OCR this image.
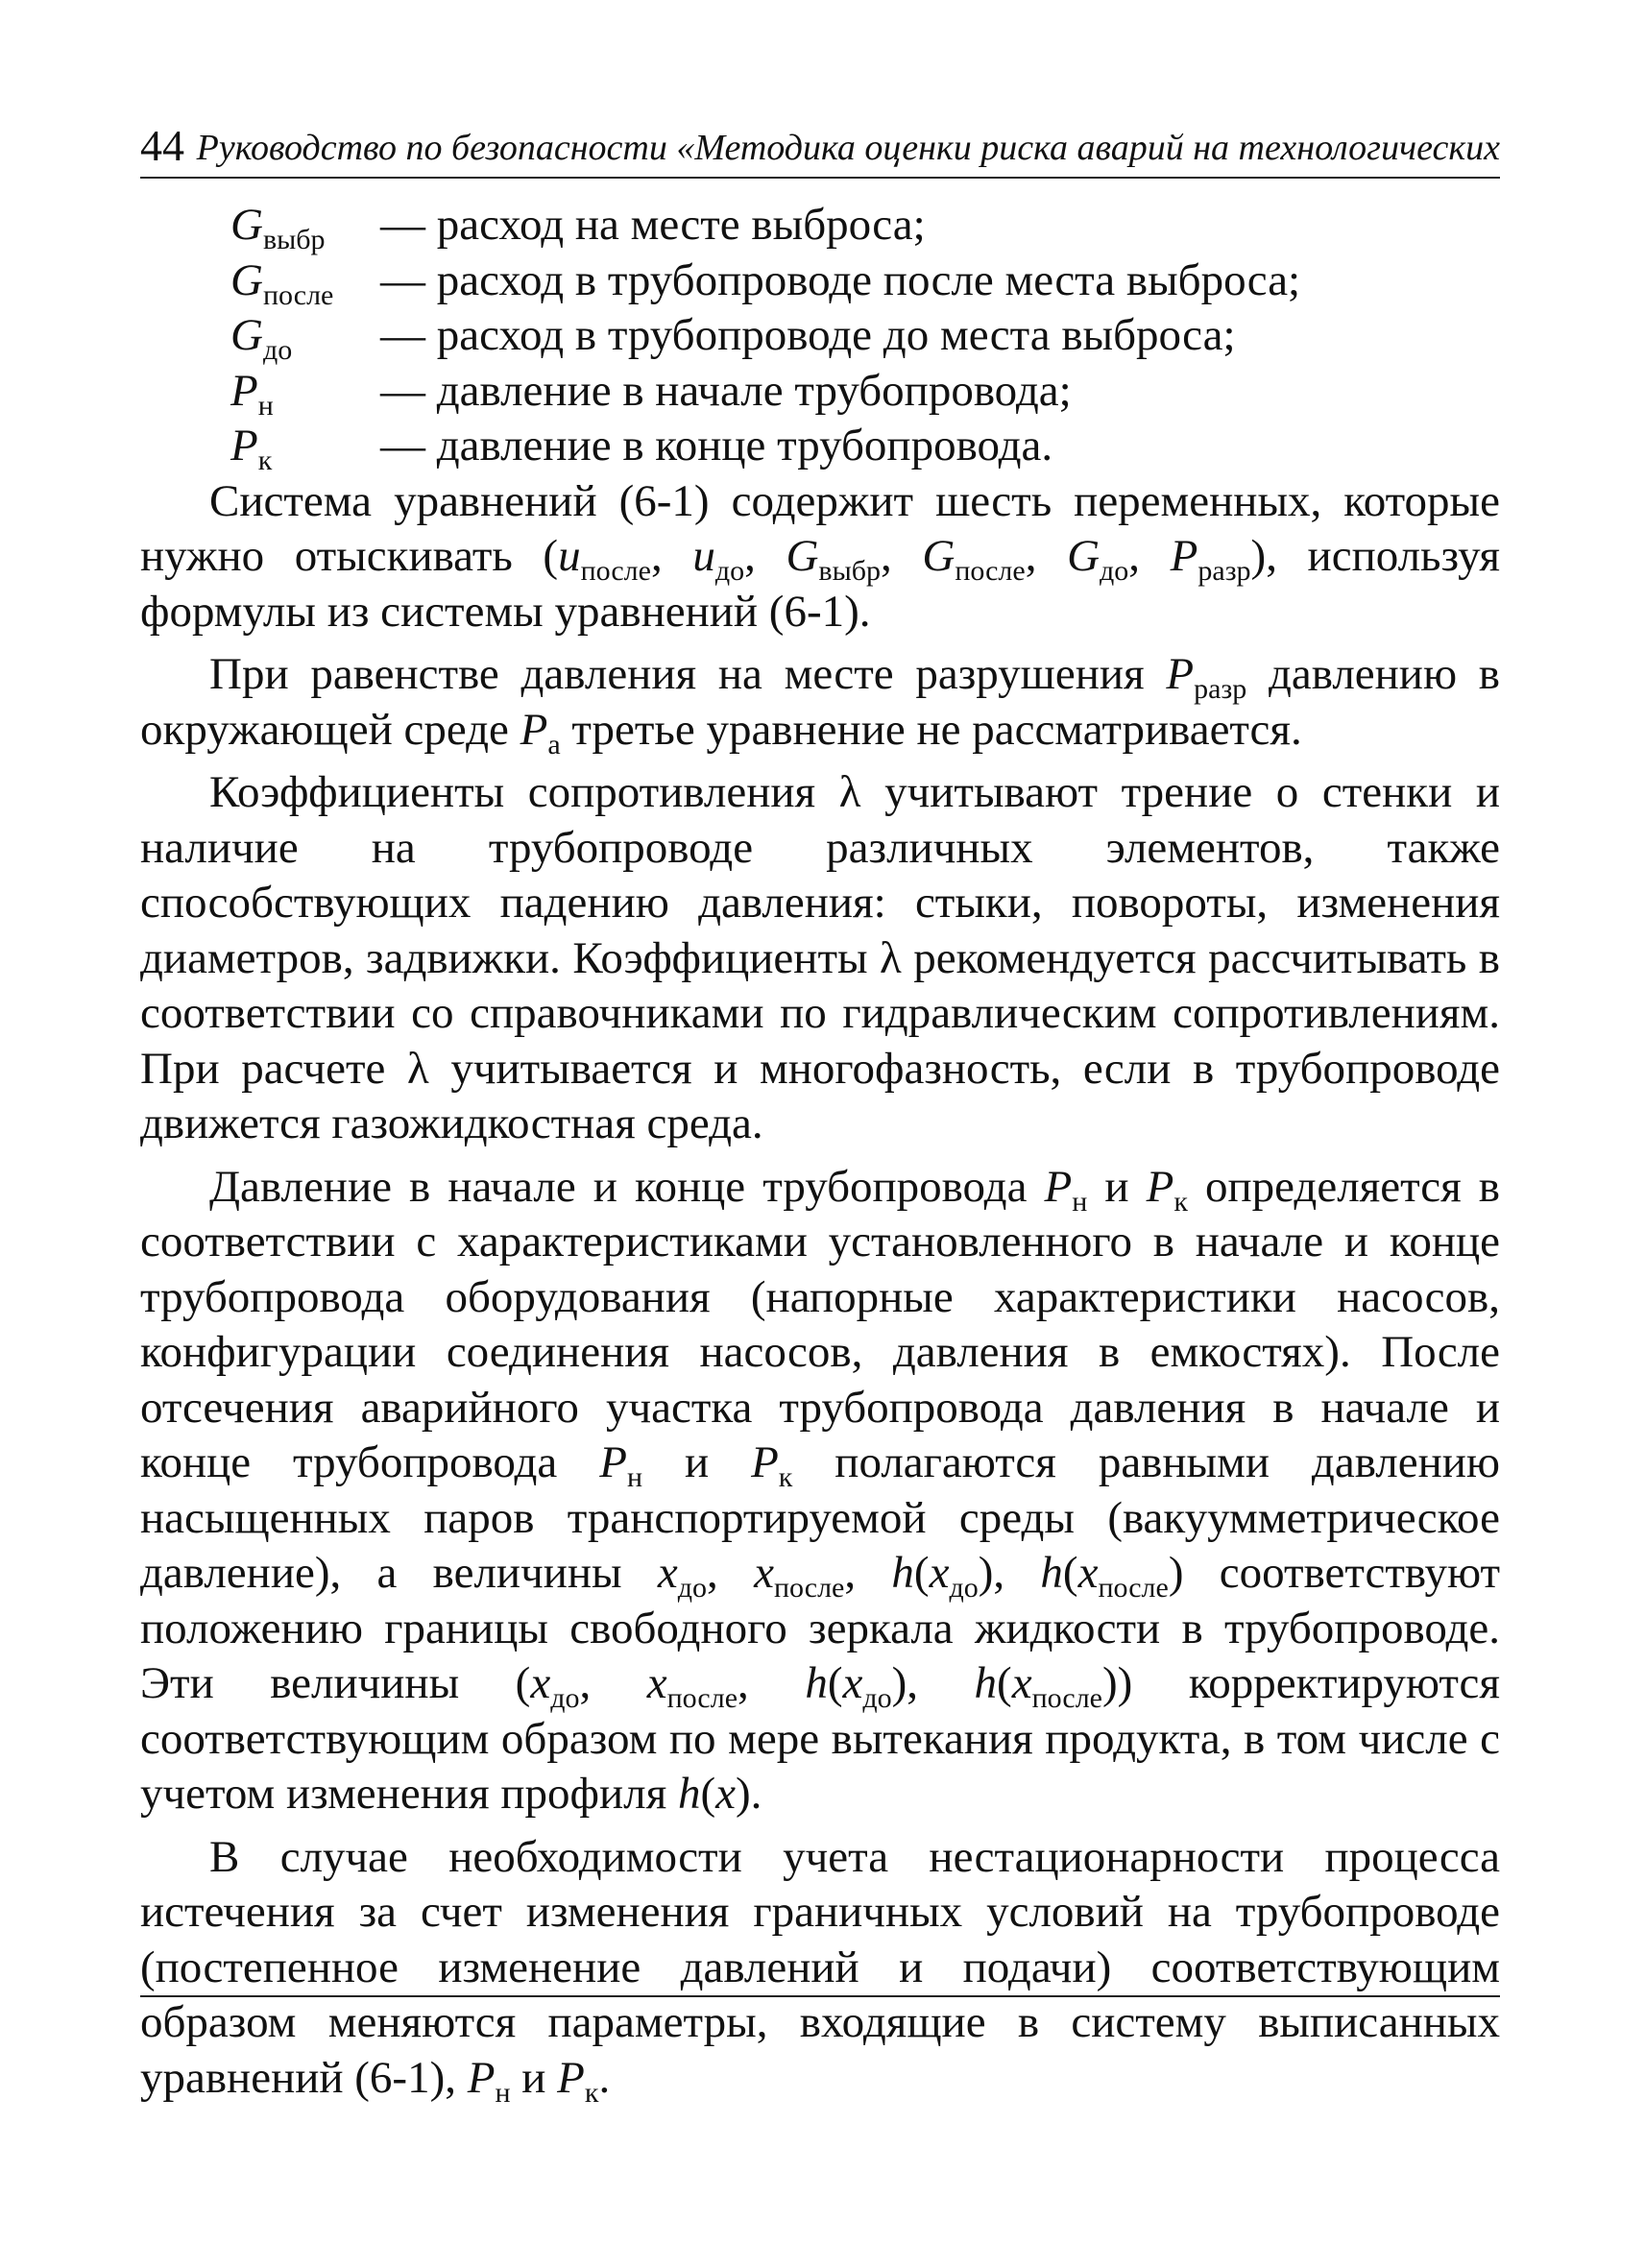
44 Руководство по безопасности «Методика оценки риска аварий на технологических
$G_{выбр}$	— расход на месте выброса;
$G_{после}$	— расход в трубопроводе после места выброса;
$G_{до}$	— расход в трубопроводе до места выброса;
$P_н$	— давление в начале трубопровода;
$P_к$	— давление в конце трубопровода.

Система уравнений (6-1) содержит шесть переменных, которые нужно отыскивать ($u_{после}$, $u_{до}$, $G_{выбр}$, $G_{после}$, $G_{до}$, $P_{разр}$), используя формулы из системы уравнений (6-1).

При равенстве давления на месте разрушения $P_{разр}$ давлению в окружающей среде $P_а$ третье уравнение не рассматривается.

Коэффициенты сопротивления λ учитывают трение о стенки и наличие на трубопроводе различных элементов, также способствующих падению давления: стыки, повороты, изменения диаметров, задвижки. Коэффициенты λ рекомендуется рассчитывать в соответствии со справочниками по гидравлическим сопротивлениям. При расчете λ учитывается и многофазность, если в трубопроводе движется газожидкостная среда.

Давление в начале и конце трубопровода $P_н$ и $P_к$ определяется в соответствии с характеристиками установленного в начале и конце трубопровода оборудования (напорные характеристики насосов, конфигурации соединения насосов, давления в емкостях). После отсечения аварийного участка трубопровода давления в начале и конце трубопровода $P_н$ и $P_к$ полагаются равными давлению насыщенных паров транспортируемой среды (вакуумметрическое давление), а величины $x_{до}$, $x_{после}$, $h(x_{до})$, $h(x_{после})$ соответствуют положению границы свободного зеркала жидкости в трубопроводе. Эти величины ($x_{до}$, $x_{после}$, $h(x_{до})$, $h(x_{после})$) корректируются соответствующим образом по мере вытекания продукта, в том числе с учетом изменения профиля h(x).

В случае необходимости учета нестационарности процесса истечения за счет изменения граничных условий на трубопроводе (постепенное изменение давлений и подачи) соответствующим образом меняются параметры, входящие в систему выписанных уравнений (6-1), $P_н$ и $P_к$.
